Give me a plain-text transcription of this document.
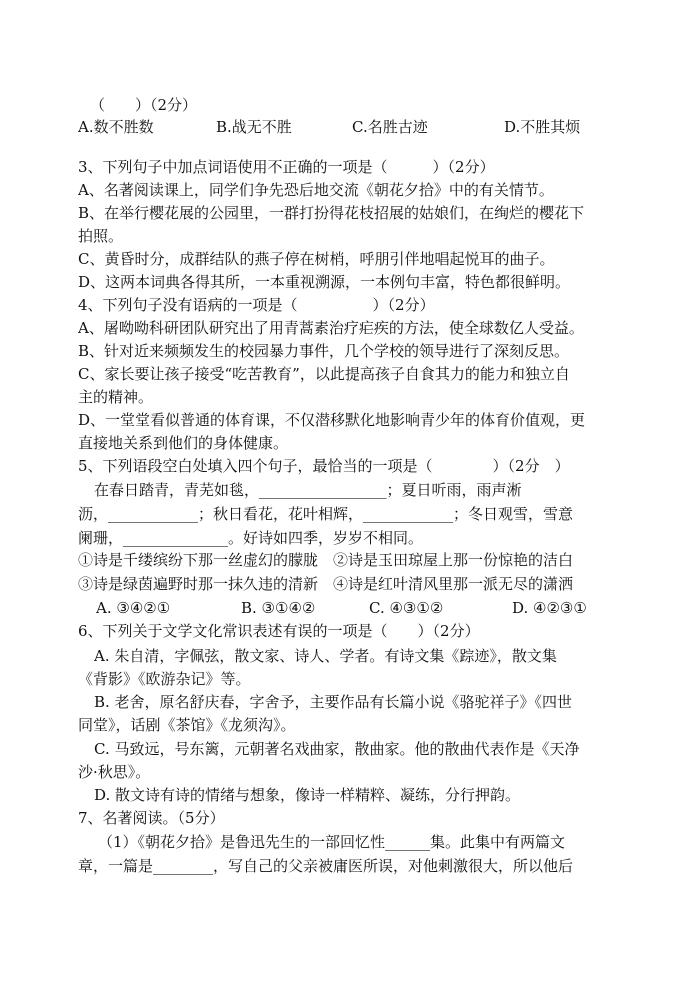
（　　）（2分）
A.数不胜数	B.战无不胜	C.名胜古迹	D.不胜其烦
3、下列句子中加点词语使用不正确的一项是（　　　）（2分）
A、名著阅读课上，同学们争先恐后地交流《朝花夕拾》中的有关情节。
B、在举行樱花展的公园里，一群打扮得花枝招展的姑娘们，在绚烂的樱花下
拍照。
C、黄昏时分，成群结队的燕子停在树梢，呼朋引伴地唱起悦耳的曲子。
D、这两本词典各得其所，一本重视溯源，一本例句丰富，特色都很鲜明。
4、下列句子没有语病的一项是（　　　　　）（2分）
A、屠呦呦科研团队研究出了用青蒿素治疗疟疾的方法，使全球数亿人受益。
B、针对近来频频发生的校园暴力事件，几个学校的领导进行了深刻反思。
C、家长要让孩子接受“吃苦教育”，以此提高孩子自食其力的能力和独立自
主的精神。
D、一堂堂看似普通的体育课，不仅潜移默化地影响青少年的体育价值观，更
直接地关系到他们的身体健康。
5、下列语段空白处填入四个句子，最恰当的一项是（　　　　）（2分　）
在春日踏青，青芜如毯，_________________；夏日听雨，雨声淅
沥，____________；秋日看花，花叶相辉，____________；冬日观雪，雪意
阑珊，______________。好诗如四季，岁岁不相同。
①诗是千缕缤纷下那一丝虚幻的朦胧　②诗是玉田琼屋上那一份惊艳的洁白
③诗是绿茵遍野时那一抹久违的清新　④诗是红叶清风里那一派无尽的潇洒
A. ③④②①	B. ③①④②	C. ④③①②	D. ④②③①
6、下列关于文学文化常识表述有误的一项是（　　）（2分）
A. 朱自清，字佩弦，散文家、诗人、学者。有诗文集《踪迹》，散文集
《背影》《欧游杂记》等。
B. 老舍，原名舒庆春，字舍予，主要作品有长篇小说《骆驼祥子》《四世
同堂》，话剧《茶馆》《龙须沟》。
C. 马致远，号东篱，元朝著名戏曲家，散曲家。他的散曲代表作是《天净
沙·秋思》。
D. 散文诗有诗的情绪与想象，像诗一样精粹、凝练，分行押韵。
7、名著阅读。（5分）
（1）《朝花夕拾》是鲁迅先生的一部回忆性______集。此集中有两篇文
章，一篇是________，写自己的父亲被庸医所误，对他刺激很大，所以他后
